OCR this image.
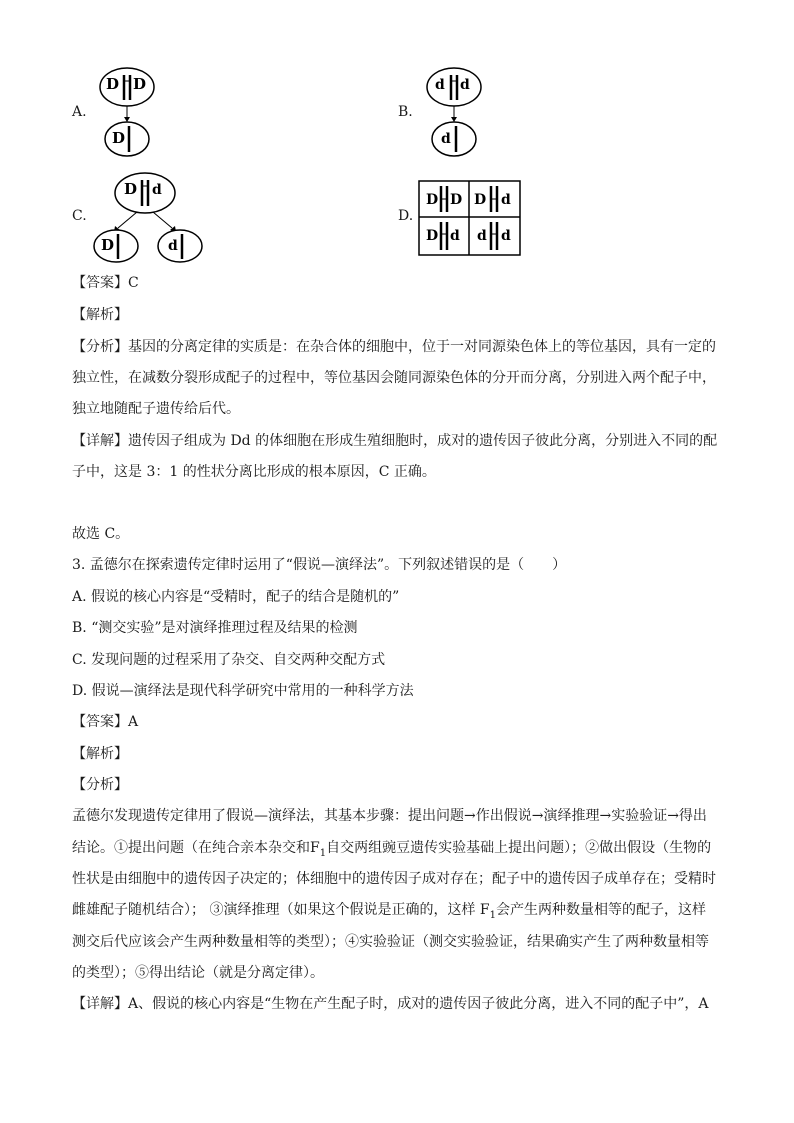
A.
D D
D
B.
d d
d
C.
D d
D	d
D.
D D D d
D d d d
【答案】C
【解析】
【分析】基因的分离定律的实质是：在杂合体的细胞中，位于一对同源染色体上的等位基因，具有一定的
独立性，在减数分裂形成配子的过程中，等位基因会随同源染色体的分开而分离，分别进入两个配子中，
独立地随配子遗传给后代。
【详解】遗传因子组成为 Dd 的体细胞在形成生殖细胞时，成对的遗传因子彼此分离，分别进入不同的配
子中，这是 3：1 的性状分离比形成的根本原因，C 正确。
故选 C。
3. 孟德尔在探索遗传定律时运用了“假说—演绎法”。下列叙述错误的是（　　）
A. 假说的核心内容是“受精时，配子的结合是随机的”
B. “测交实验”是对演绎推理过程及结果的检测
C. 发现问题的过程采用了杂交、自交两种交配方式
D. 假说—演绎法是现代科学研究中常用的一种科学方法
【答案】A
【解析】
【分析】
孟德尔发现遗传定律用了假说—演绎法，其基本步骤：提出问题→作出假说→演绎推理→实验验证→得出
结论。①提出问题（在纯合亲本杂交和$F_1$自交两组豌豆遗传实验基础上提出问题）；②做出假设（生物的
性状是由细胞中的遗传因子决定的；体细胞中的遗传因子成对存在；配子中的遗传因子成单存在；受精时
雌雄配子随机结合）； ③演绎推理（如果这个假说是正确的，这样 $F_1$会产生两种数量相等的配子，这样
测交后代应该会产生两种数量相等的类型）；④实验验证（测交实验验证，结果确实产生了两种数量相等
的类型）；⑤得出结论（就是分离定律）。
【详解】A、假说的核心内容是“生物在产生配子时，成对的遗传因子彼此分离，进入不同的配子中”，A
